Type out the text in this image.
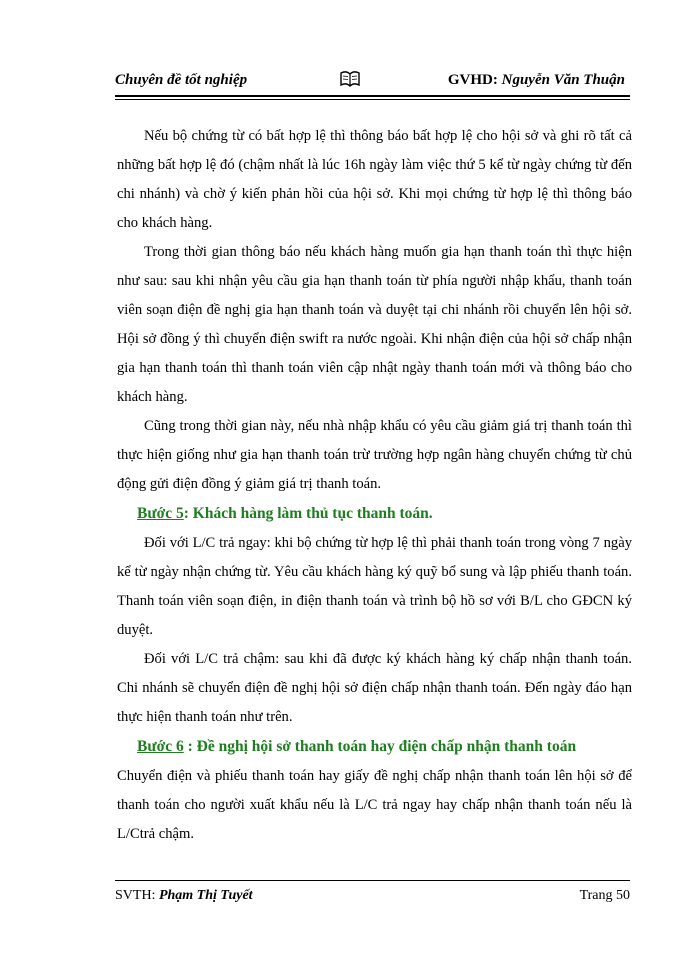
Chuyên đề tốt nghiệp	GVHD: Nguyễn Văn Thuận

Nếu bộ chứng từ có bất hợp lệ thì thông báo bất hợp lệ cho hội sở và ghi rõ tất cả những bất hợp lệ đó (chậm nhất là lúc 16h ngày làm việc thứ 5 kể từ ngày chứng từ đến chi nhánh) và chờ ý kiến phản hồi của hội sở. Khi mọi chứng từ hợp lệ thì thông báo cho khách hàng.

Trong thời gian thông báo nếu khách hàng muốn gia hạn thanh toán thì thực hiện như sau: sau khi nhận yêu cầu gia hạn thanh toán từ phía người nhập khẩu, thanh toán viên soạn điện đề nghị gia hạn thanh toán và duyệt tại chi nhánh rồi chuyển lên hội sở. Hội sở đồng ý thì chuyển điện swift ra nước ngoài. Khi nhận điện của hội sở chấp nhận gia hạn thanh toán thì thanh toán viên cập nhật ngày thanh toán mới và thông báo cho khách hàng.

Cũng trong thời gian này, nếu nhà nhập khẩu có yêu cầu giảm giá trị thanh toán thì thực hiện giống như gia hạn thanh toán trừ trường hợp ngân hàng chuyển chứng từ chủ động gửi điện đồng ý giảm giá trị thanh toán.

Bước 5: Khách hàng làm thủ tục thanh toán.

Đối với L/C trả ngay: khi bộ chứng từ hợp lệ thì phải thanh toán trong vòng 7 ngày kể từ ngày nhận chứng từ. Yêu cầu khách hàng ký quỹ bổ sung và lập phiếu thanh toán. Thanh toán viên soạn điện, in điện thanh toán và trình bộ hồ sơ với B/L cho GĐCN ký duyệt.

Đối với L/C trả chậm: sau khi đã được ký khách hàng ký chấp nhận thanh toán. Chi nhánh sẽ chuyển điện đề nghị hội sở điện chấp nhận thanh toán. Đến ngày đáo hạn thực hiện thanh toán như trên.

Bước 6 : Đề nghị hội sở thanh toán hay điện chấp nhận thanh toán

Chuyển điện và phiếu thanh toán hay giấy đề nghị chấp nhận thanh toán lên hội sở để thanh toán cho người xuất khẩu nếu là L/C trả ngay hay chấp nhận thanh toán nếu là L/Ctrả chậm.

SVTH: Phạm Thị Tuyết	Trang 50
